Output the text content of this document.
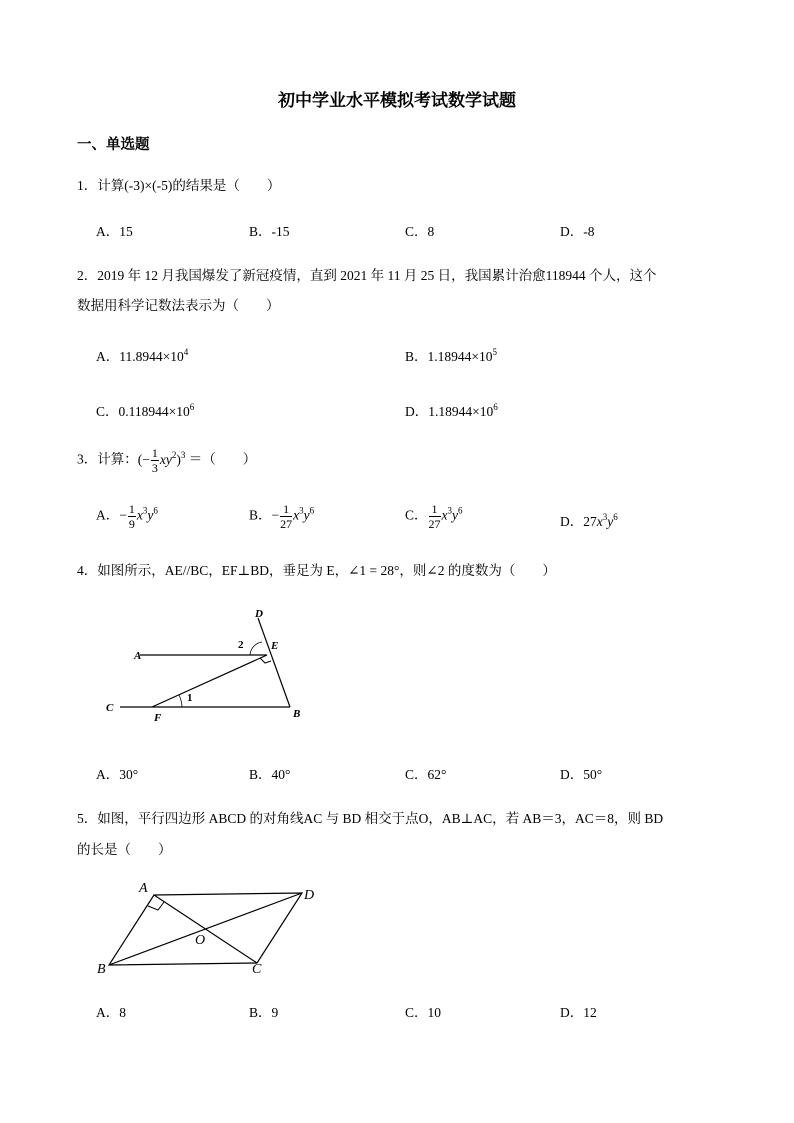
初中学业水平模拟考试数学试题
一、单选题
1．计算(-3)×(-5)的结果是（　　）
A．15	B．-15	C．8	D．-8
2．2019 年 12 月我国爆发了新冠疫情，直到 2021 年 11 月 25 日，我国累计治愈118944 个人，这个
数据用科学记数法表示为（　　）
A．$11.8944\times 10^4$	B．$1.18944\times 10^5$
C．$0.118944\times 10^6$	D．$1.18944\times 10^6$
3．计算：(− $\frac{1}{3} xy^2)^3$ ＝（　　）
A．− $\frac{1}{9} x^3y^6$	B．− $\frac{1}{27} x^3y^6$	C． $\frac{1}{27} x^3y^6$
D．$27x^3y^6$
4．如图所示，AE//BC，EF⊥BD，垂足为 E，∠1 = 28°，则∠2 的度数为（　　）
D
A
E
2
1
C
F	B
A．30°	B．40°	C．62°	D．50°
5．如图，平行四边形 ABCD 的对角线AC 与 BD 相交于点O，AB⊥AC，若 AB＝3，AC＝8，则 BD
的长是（　　）
A	D
O
B	C
A．8	B．9	C．10	D．12
